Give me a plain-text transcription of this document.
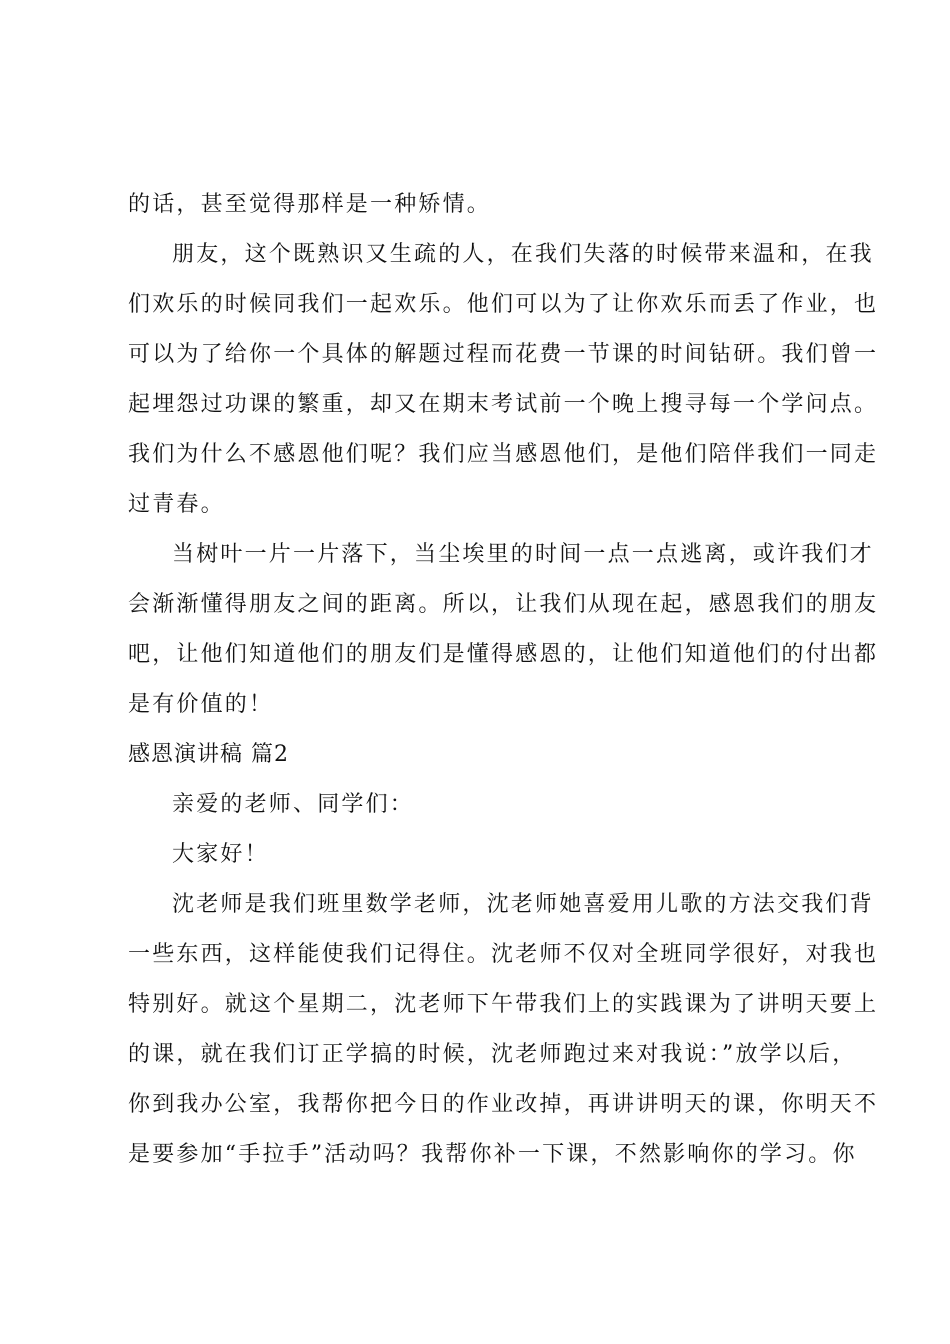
的话，甚至觉得那样是一种矫情。
朋友，这个既熟识又生疏的人，在我们失落的时候带来温和，在我
们欢乐的时候同我们一起欢乐。他们可以为了让你欢乐而丢了作业，也
可以为了给你一个具体的解题过程而花费一节课的时间钻研。我们曾一
起埋怨过功课的繁重，却又在期末考试前一个晚上搜寻每一个学问点。
我们为什么不感恩他们呢？我们应当感恩他们，是他们陪伴我们一同走
过青春。
当树叶一片一片落下，当尘埃里的时间一点一点逃离，或许我们才
会渐渐懂得朋友之间的距离。所以，让我们从现在起，感恩我们的朋友
吧，让他们知道他们的朋友们是懂得感恩的，让他们知道他们的付出都
是有价值的！
感恩演讲稿 篇2
亲爱的老师、同学们：
大家好！
沈老师是我们班里数学老师，沈老师她喜爱用儿歌的方法交我们背
一些东西，这样能使我们记得住。沈老师不仅对全班同学很好，对我也
特别好。就这个星期二，沈老师下午带我们上的实践课为了讲明天要上
的课，就在我们订正学搞的时候，沈老师跑过来对我说：”放学以后，
你到我办公室，我帮你把今日的作业改掉，再讲讲明天的课，你明天不
是要参加“手拉手”活动吗？我帮你补一下课，不然影响你的学习。你
